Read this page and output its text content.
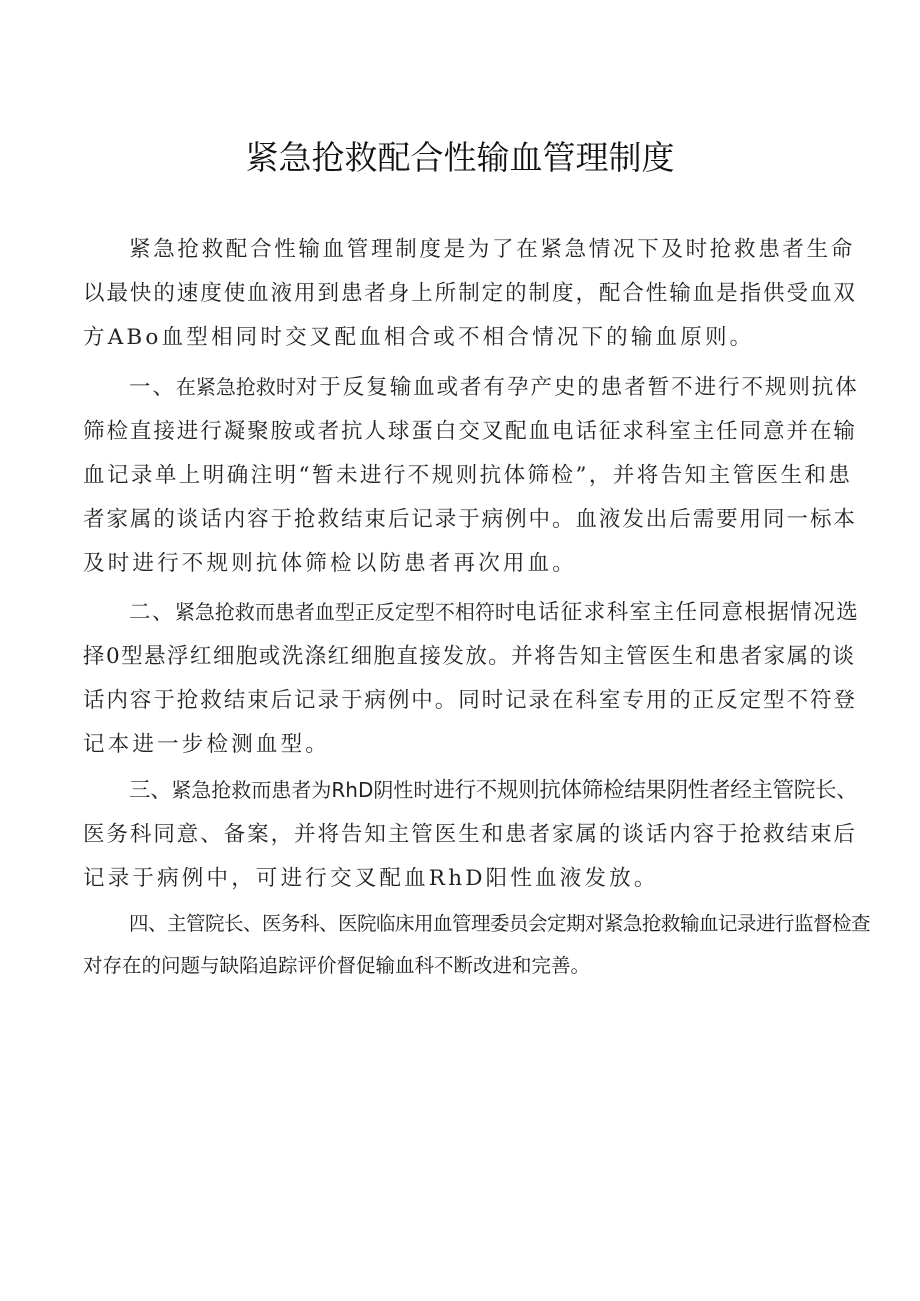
紧急抢救配合性输血管理制度
紧急抢救配合性输血管理制度是为了在紧急情况下及时抢救患者生命
以最快的速度使血液用到患者身上所制定的制度，配合性输血是指供受血双
方ABo血型相同时交叉配血相合或不相合情况下的输血原则。
一、在紧急抢救时对于反复输血或者有孕产史的患者暂不进行不规则抗体
筛检直接进行凝聚胺或者抗人球蛋白交叉配血电话征求科室主任同意并在输
血记录单上明确注明“暂未进行不规则抗体筛检”，并将告知主管医生和患
者家属的谈话内容于抢救结束后记录于病例中。血液发出后需要用同一标本
及时进行不规则抗体筛检以防患者再次用血。
二、紧急抢救而患者血型正反定型不相符时电话征求科室主任同意根据情况选
择0型悬浮红细胞或洗涤红细胞直接发放。并将告知主管医生和患者家属的谈
话内容于抢救结束后记录于病例中。同时记录在科室专用的正反定型不符登
记本进一步检测血型。
三、紧急抢救而患者为RhD阴性时进行不规则抗体筛检结果阴性者经主管院长、
医务科同意、备案，并将告知主管医生和患者家属的谈话内容于抢救结束后
记录于病例中，可进行交叉配血RhD阳性血液发放。
四、主管院长、医务科、医院临床用血管理委员会定期对紧急抢救输血记录进行监督检查
对存在的问题与缺陷追踪评价督促输血科不断改进和完善。
